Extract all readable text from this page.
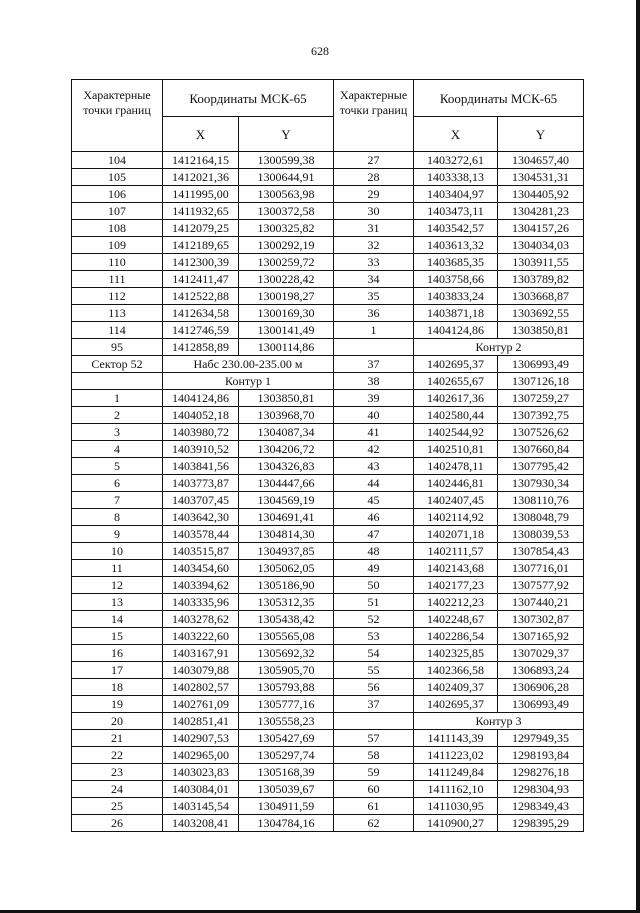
628
Характерные точки границ	Координаты МСК-65	
	X	Y
104	1412164,15	1300599,38
105	1412021,36	1300644,91
106	1411995,00	1300563,98
107	1411932,65	1300372,58
108	1412079,25	1300325,82
109	1412189,65	1300292,19
110	1412300,39	1300259,72
111	1412411,47	1300228,42
112	1412522,88	1300198,27
113	1412634,58	1300169,30
114	1412746,59	1300141,49
95	1412858,89	1300114,86
Сектор 52	Набс 230.00-235.00 м	
	Контур 1	
1	1404124,86	1303850,81
2	1404052,18	1303968,70
3	1403980,72	1304087,34
4	1403910,52	1304206,72
5	1403841,56	1304326,83
6	1403773,87	1304447,66
7	1403707,45	1304569,19
8	1403642,30	1304691,41
9	1403578,44	1304814,30
10	1403515,87	1304937,85
11	1403454,60	1305062,05
12	1403394,62	1305186,90
13	1403335,96	1305312,35
14	1403278,62	1305438,42
15	1403222,60	1305565,08
16	1403167,91	1305692,32
17	1403079,88	1305905,70
18	1402802,57	1305793,88
19	1402761,09	1305777,16
20	1402851,41	1305558,23
21	1402907,53	1305427,69
22	1402965,00	1305297,74
23	1403023,83	1305168,39
24	1403084,01	1305039,67
25	1403145,54	1304911,59
26	1403208,41	1304784,16
Характерные точки границ	Координаты МСК-65	
	X	Y
27	1403272,61	1304657,40
28	1403338,13	1304531,31
29	1403404,97	1304405,92
30	1403473,11	1304281,23
31	1403542,57	1304157,26
32	1403613,32	1304034,03
33	1403685,35	1303911,55
34	1403758,66	1303789,82
35	1403833,24	1303668,87
36	1403871,18	1303692,55
1	1404124,86	1303850,81
	Контур 2	
37	1402695,37	1306993,49
38	1402655,67	1307126,18
39	1402617,36	1307259,27
40	1402580,44	1307392,75
41	1402544,92	1307526,62
42	1402510,81	1307660,84
43	1402478,11	1307795,42
44	1402446,81	1307930,34
45	1402407,45	1308110,76
46	1402114,92	1308048,79
47	1402071,18	1308039,53
48	1402111,57	1307854,43
49	1402143,68	1307716,01
50	1402177,23	1307577,92
51	1402212,23	1307440,21
52	1402248,67	1307302,87
53	1402286,54	1307165,92
54	1402325,85	1307029,37
55	1402366,58	1306893,24
56	1402409,37	1306906,28
37	1402695,37	1306993,49
	Контур 3	
57	1411143,39	1297949,35
58	1411223,02	1298193,84
59	1411249,84	1298276,18
60	1411162,10	1298304,93
61	1411030,95	1298349,43
62	1410900,27	1298395,29
